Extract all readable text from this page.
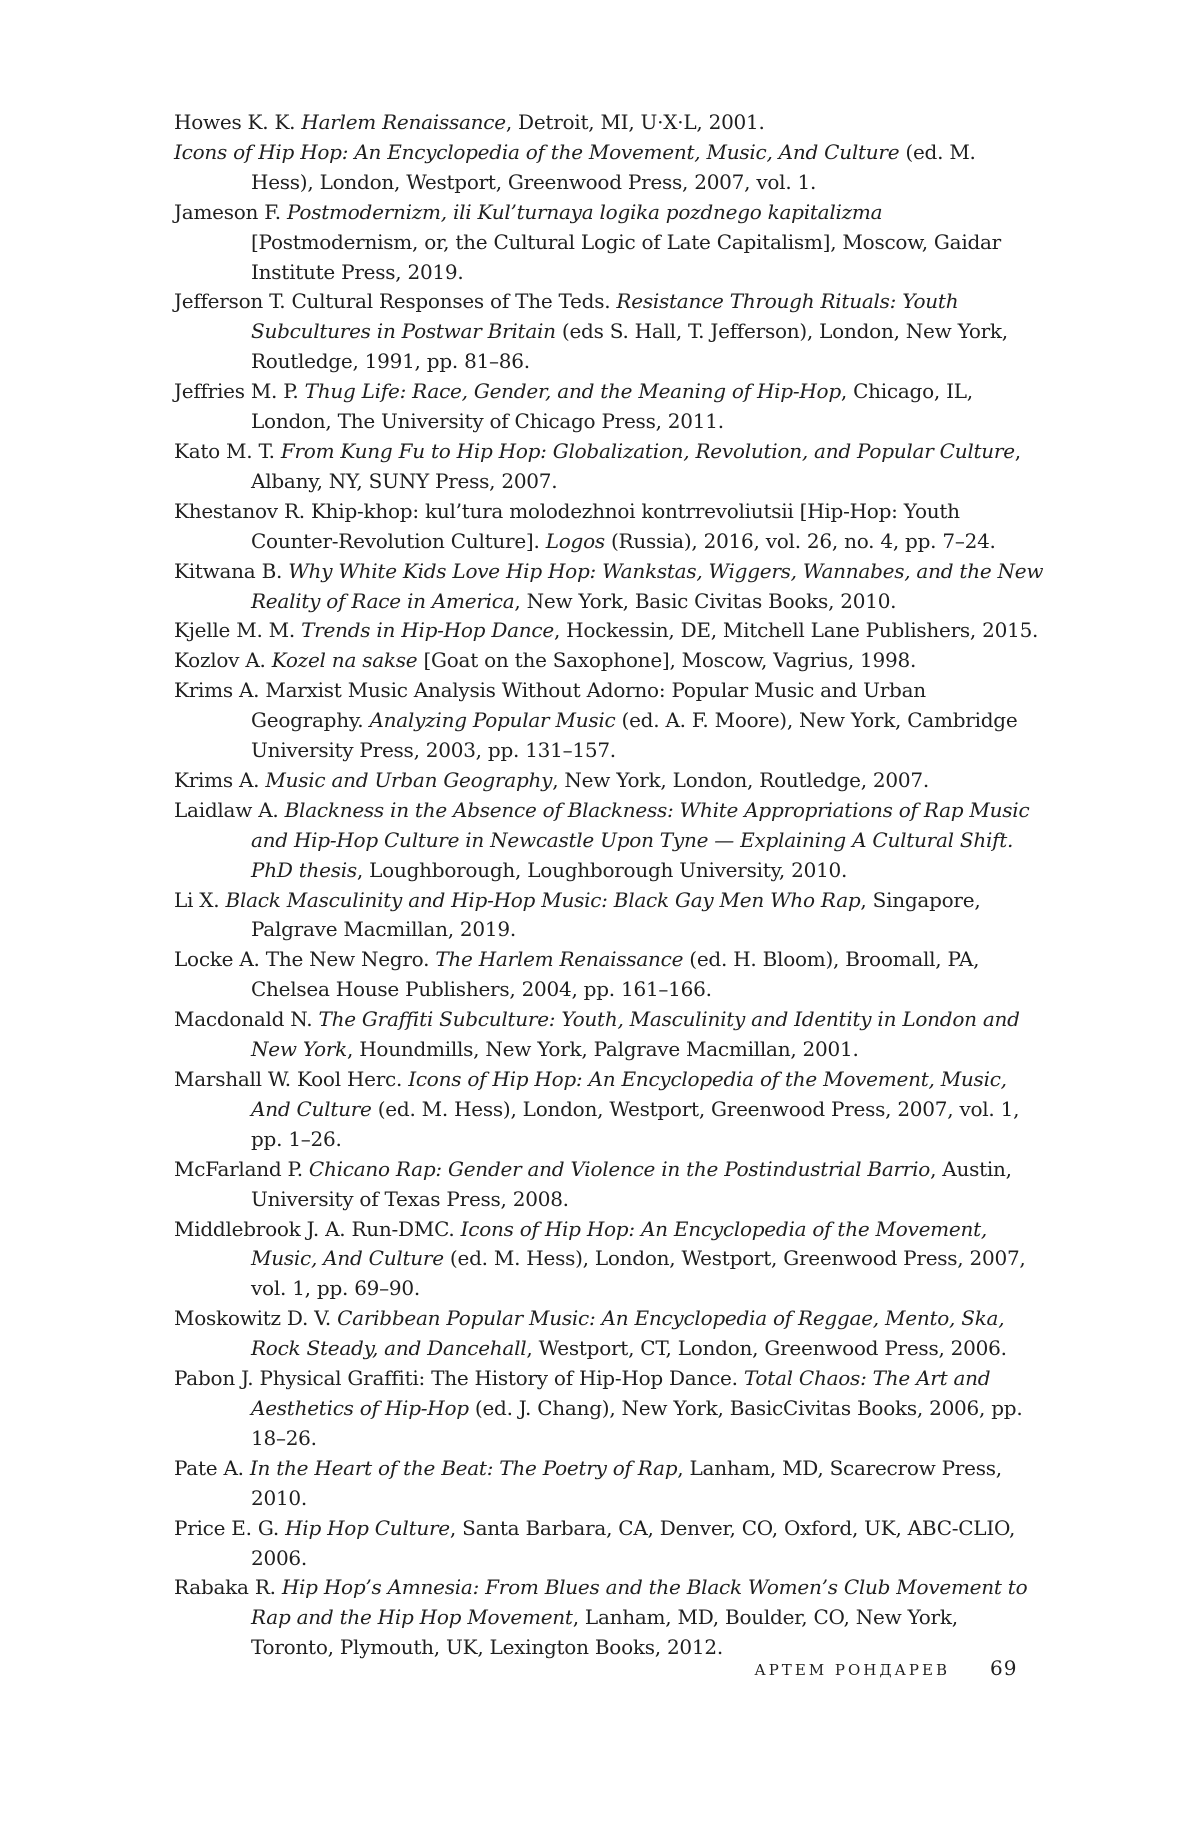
Howes K. K. Harlem Renaissance, Detroit, MI, U·X·L, 2001.

Icons of Hip Hop: An Encyclopedia of the Movement, Music, And Culture (ed. M. Hess), London, Westport, Greenwood Press, 2007, vol. 1.

Jameson F. Postmodernizm, ili Kul’turnaya logika pozdnego kapitalizma [Postmodernism, or, the Cultural Logic of Late Capitalism], Moscow, Gaidar Institute Press, 2019.

Jefferson T. Cultural Responses of The Teds. Resistance Through Rituals: Youth Subcultures in Postwar Britain (eds S. Hall, T. Jefferson), London, New York, Routledge, 1991, pp. 81–86.

Jeffries M. P. Thug Life: Race, Gender, and the Meaning of Hip-Hop, Chicago, IL, London, The University of Chicago Press, 2011.

Kato M. T. From Kung Fu to Hip Hop: Globalization, Revolution, and Popular Culture, Albany, NY, SUNY Press, 2007.

Khestanov R. Khip-khop: kul’tura molodezhnoi kontrrevoliutsii [Hip-Hop: Youth Counter-Revolution Culture]. Logos (Russia), 2016, vol. 26, no. 4, pp. 7–24.

Kitwana B. Why White Kids Love Hip Hop: Wankstas, Wiggers, Wannabes, and the New Reality of Race in America, New York, Basic Civitas Books, 2010.

Kjelle M. M. Trends in Hip-Hop Dance, Hockessin, DE, Mitchell Lane Publishers, 2015.

Kozlov A. Kozel na sakse [Goat on the Saxophone], Moscow, Vagrius, 1998.

Krims A. Marxist Music Analysis Without Adorno: Popular Music and Urban Geography. Analyzing Popular Music (ed. A. F. Moore), New York, Cambridge University Press, 2003, pp. 131–157.

Krims A. Music and Urban Geography, New York, London, Routledge, 2007.

Laidlaw A. Blackness in the Absence of Blackness: White Appropriations of Rap Music and Hip-Hop Culture in Newcastle Upon Tyne — Explaining A Cultural Shift. PhD thesis, Loughborough, Loughborough University, 2010.

Li X. Black Masculinity and Hip-Hop Music: Black Gay Men Who Rap, Singapore, Palgrave Macmillan, 2019.

Locke A. The New Negro. The Harlem Renaissance (ed. H. Bloom), Broomall, PA, Chelsea House Publishers, 2004, pp. 161–166.

Macdonald N. The Graffiti Subculture: Youth, Masculinity and Identity in London and New York, Houndmills, New York, Palgrave Macmillan, 2001.

Marshall W. Kool Herc. Icons of Hip Hop: An Encyclopedia of the Movement, Music, And Culture (ed. M. Hess), London, Westport, Greenwood Press, 2007, vol. 1, pp. 1–26.

McFarland P. Chicano Rap: Gender and Violence in the Postindustrial Barrio, Austin, University of Texas Press, 2008.

Middlebrook J. A. Run-DMC. Icons of Hip Hop: An Encyclopedia of the Movement, Music, And Culture (ed. M. Hess), London, Westport, Greenwood Press, 2007, vol. 1, pp. 69–90.

Moskowitz D. V. Caribbean Popular Music: An Encyclopedia of Reggae, Mento, Ska, Rock Steady, and Dancehall, Westport, CT, London, Greenwood Press, 2006.

Pabon J. Physical Graffiti: The History of Hip-Hop Dance. Total Chaos: The Art and Aesthetics of Hip-Hop (ed. J. Chang), New York, BasicCivitas Books, 2006, pp. 18–26.

Pate A. In the Heart of the Beat: The Poetry of Rap, Lanham, MD, Scarecrow Press, 2010.

Price E. G. Hip Hop Culture, Santa Barbara, CA, Denver, CO, Oxford, UK, ABC-CLIO, 2006.

Rabaka R. Hip Hop’s Amnesia: From Blues and the Black Women’s Club Movement to Rap and the Hip Hop Movement, Lanham, MD, Boulder, CO, New York, Toronto, Plymouth, UK, Lexington Books, 2012.

АРТЕМ РОНДАРЕВ 69
